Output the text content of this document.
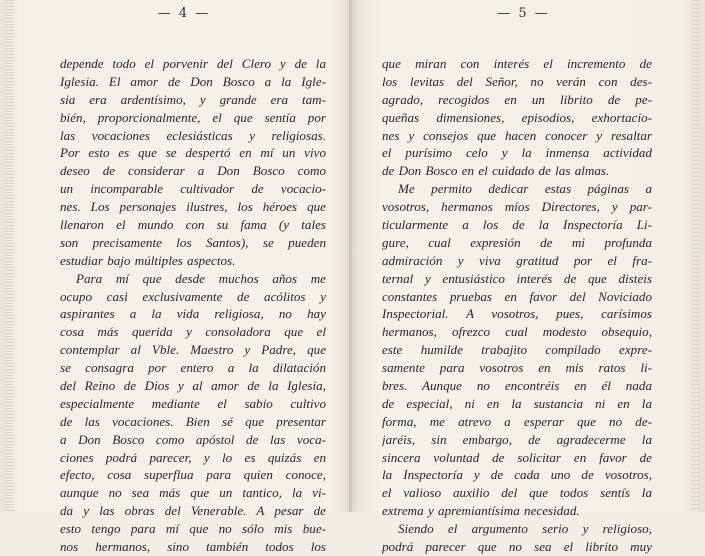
— 4 —
depende todo el porvenir del Clero y de la
Iglesia. El amor de Don Bosco a la Igle-
sia era ardentísimo, y grande era tam-
bién, proporcionalmente, el que sentía por
las vocaciones eclesiásticas y religiosas.
Por esto es que se despertó en mí un vivo
deseo de considerar a Don Bosco como
un incomparable cultivador de vocacio-
nes. Los personajes ilustres, los héroes que
llenaron el mundo con su fama (y tales
son precisamente los Santos), se pueden
estudiar bajo múltiples aspectos.
Para mí que desde muchos años me
ocupo casi exclusivamente de acólitos y
aspirantes a la vida religiosa, no hay
cosa más querida y consoladora que el
contemplar al Vble. Maestro y Padre, que
se consagra por entero a la dilatación
del Reino de Dios y al amor de la Iglesia,
especialmente mediante el sabio cultivo
de las vocaciones. Bien sé que presentar
a Don Bosco como apóstol de las voca-
ciones podrá parecer, y lo es quizás en
efecto, cosa superflua para quien conoce,
aunque no sea más que un tantico, la vi-
da y las obras del Venerable. A pesar de
esto tengo para mí que no sólo mis bue-
nos hermanos, sino también todos los
— 5 —
que miran con interés el incremento de
los levitas del Señor, no verán con des-
agrado, recogidos en un librito de pe-
queñas dimensiones, episodios, exhortacio-
nes y consejos que hacen conocer y resaltar
el purísimo celo y la inmensa actividad
de Don Bosco en el cuidado de las almas.
Me permito dedicar estas páginas a
vosotros, hermanos míos Directores, y par-
ticularmente a los de la Inspectoría Li-
gure, cual expresión de mi profunda
admiración y viva gratitud por el fra-
ternal y entusiástico interés de que disteis
constantes pruebas en favor del Noviciado
Inspectorial. A vosotros, pues, carísimos
hermanos, ofrezco cual modesto obsequio,
este humilde trabajito compilado expre-
samente para vosotros en mis ratos li-
bres. Aunque no encontréis en él nada
de especial, ni en la sustancia ni en la
forma, me atrevo a esperar que no de-
jaréis, sin embargo, de agradecerme la
sincera voluntad de solicitar en favor de
la Inspectoría y de cada uno de vosotros,
el valioso auxilio del que todos sentís la
extrema y apremiantísima necesidad.
Siendo el argumento serio y religioso,
podrá parecer que no sea el librito muy
